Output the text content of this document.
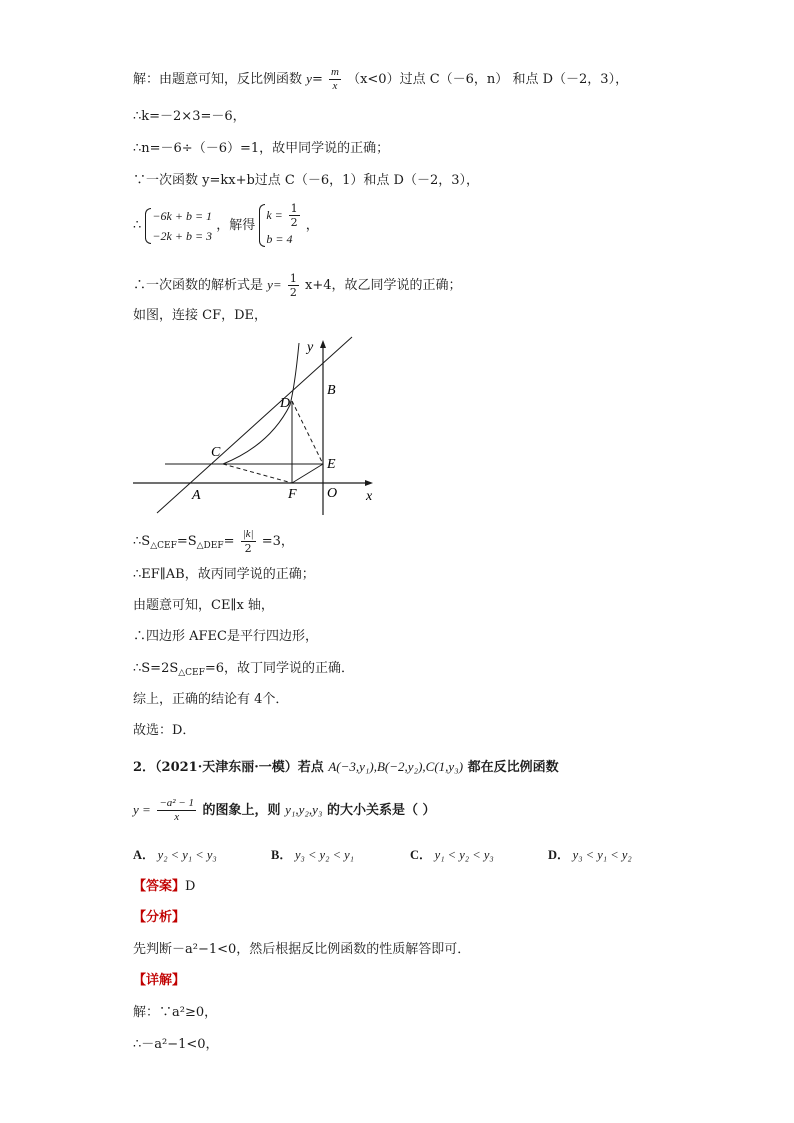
解：由题意可知，反比例函数 $y= \frac{m}{x} (x<0)$过点 C（－6，n） 和点 D（－2，3），
∴k=－2×3=－6，
∴n=－6÷（－6）=1，故甲同学说的正确；
∵一次函数 y=kx+b过点 C（－6，1）和点 D（－2，3），
∴
−6k + b = 1
−2k + b = 3
，解得
$k = \frac{1}{2}$
b = 4
，
∴一次函数的解析式是 $y= \frac{1}{2} x+4$，故乙同学说的正确；
如图，连接 CF，DE，
y
x
B
D
C
E
A	F O
$\therefore S_{\triangle CEF}=S_{\triangle DEF}= \frac{|k|}{2} =3$，
∴EF∥AB，故丙同学说的正确；
由题意可知，CE∥x 轴，
∴四边形 AFEC是平行四边形，
$\therefore S=2S_{\triangle CEF}=6$，故丁同学说的正确．
综上，正确的结论有 4个．
故选：D．
2．（2021·天津东丽·一模）若点 A(−3,y₁),B(−2,y₂),C(1,y₃) 都在反比例函数
$y = \frac{\text{−a² − 1}}{x}$ 的图象上，则 y₁,y₂,y₃ 的大小关系是（ ）
A． y₂ < y₁ < y₃	B． y₃ < y₂ < y₁	C． y₁ < y₂ < y₃	D． y₃ < y₁ < y₂
【答案】D
【分析】
先判断－a²−1<0，然后根据反比例函数的性质解答即可．
【详解】
解：∵a²≥0，
∴－a²−1<0，
